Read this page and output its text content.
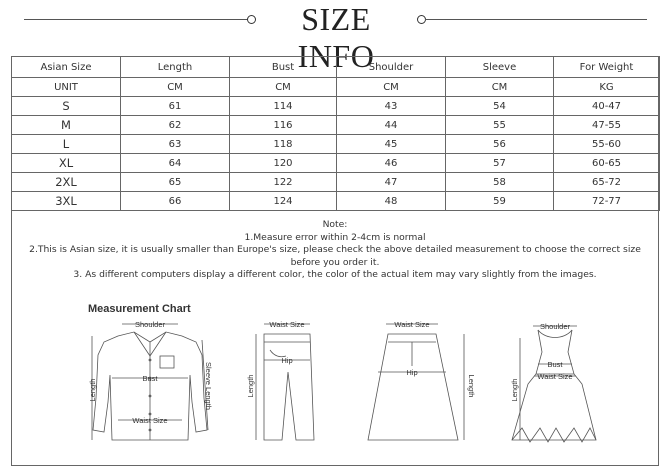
SIZE INFO
Asian Size	Length	Bust	Shoulder	Sleeve	For Weight
UNIT	CM	CM	CM	CM	KG
S	61	114	43	54	40-47
M	62	116	44	55	47-55
L	63	118	45	56	55-60
XL	64	120	46	57	60-65
2XL	65	122	47	58	65-72
3XL	66	124	48	59	72-77
Note:
1.Measure error within 2-4cm is normal
2.This is Asian size, it is usually smaller than Europe's size, please check the above detailed measurement to choose the correct size
before you order it.
3. As different computers display a different color, the color of the actual item may vary slightly from the images.
Measurement Chart
Shoulder
Bust
Waist Size
Length	Sleeve Length
Waist Size
Hip
Length
Waist Size
Hip
Length
Shoulder
Bust
Waist Size
Length
